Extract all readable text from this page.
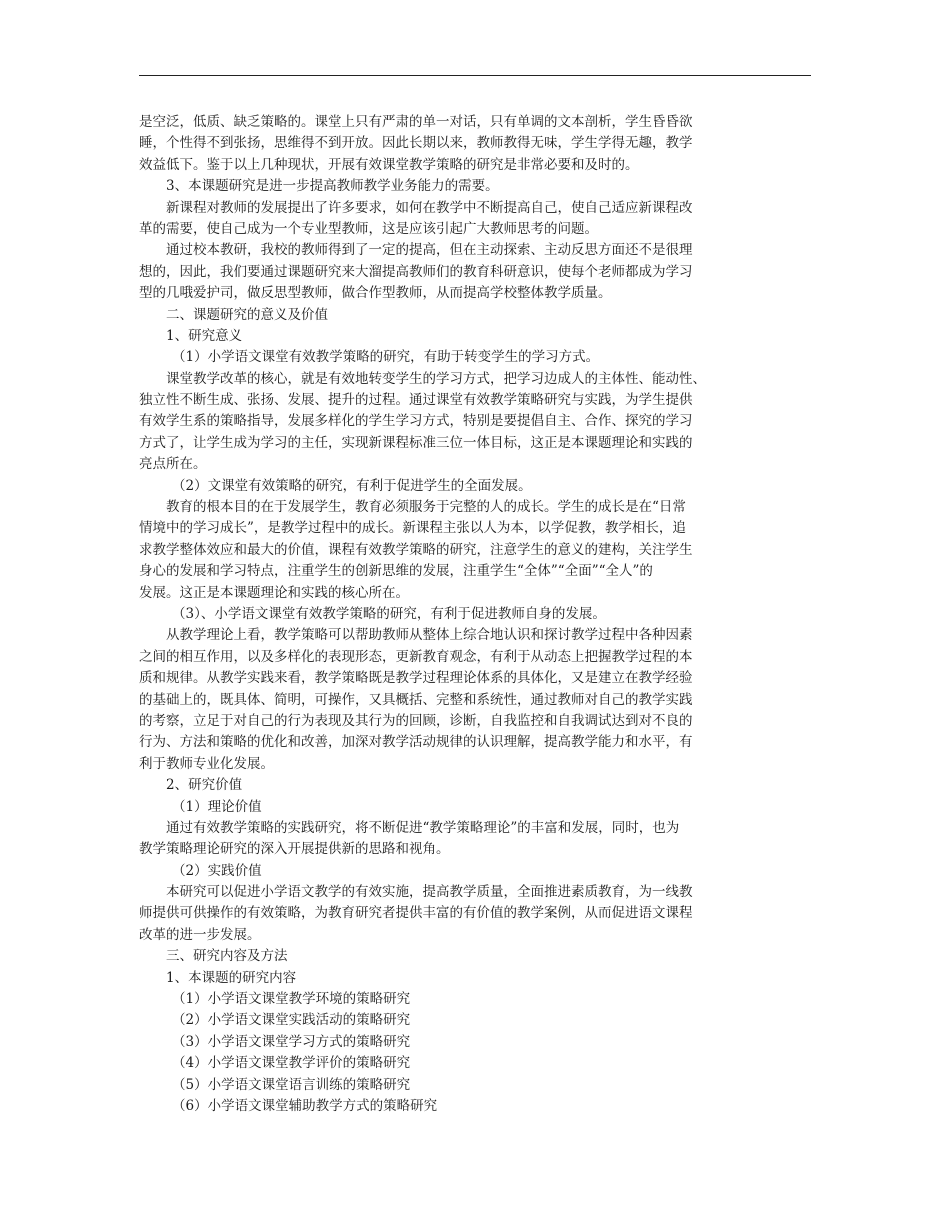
是空泛，低质、缺乏策略的。课堂上只有严肃的单一对话，只有单调的文本剖析，学生昏昏欲
睡，个性得不到张扬，思维得不到开放。因此长期以来，教师教得无味，学生学得无趣，教学
效益低下。鉴于以上几种现状，开展有效课堂教学策略的研究是非常必要和及时的。
3、本课题研究是进一步提高教师教学业务能力的需要。
新课程对教师的发展提出了许多要求，如何在教学中不断提高自己，使自己适应新课程改
革的需要，使自己成为一个专业型教师，这是应该引起广大教师思考的问题。
通过校本教研，我校的教师得到了一定的提高，但在主动探索、主动反思方面还不是很理
想的，因此，我们要通过课题研究来大溜提高教师们的教育科研意识，使每个老师都成为学习
型的几哦爱护司，做反思型教师，做合作型教师，从而提高学校整体教学质量。
二、课题研究的意义及价值
1、研究意义
（1）小学语文课堂有效教学策略的研究，有助于转变学生的学习方式。
课堂教学改革的核心，就是有效地转变学生的学习方式，把学习边成人的主体性、能动性、
独立性不断生成、张扬、发展、提升的过程。通过课堂有效教学策略研究与实践，为学生提供
有效学生系的策略指导，发展多样化的学生学习方式，特别是要提倡自主、合作、探究的学习
方式了，让学生成为学习的主任，实现新课程标准三位一体目标，这正是本课题理论和实践的
亮点所在。
（2）文课堂有效策略的研究，有利于促进学生的全面发展。
教育的根本目的在于发展学生，教育必须服务于完整的人的成长。学生的成长是在“日常
情境中的学习成长”，是教学过程中的成长。新课程主张以人为本，以学促教，教学相长，追
求教学整体效应和最大的价值，课程有效教学策略的研究，注意学生的意义的建构，关注学生
身心的发展和学习特点，注重学生的创新思维的发展，注重学生“全体”“全面”“全人”的
发展。这正是本课题理论和实践的核心所在。
（3）、小学语文课堂有效教学策略的研究，有利于促进教师自身的发展。
从教学理论上看，教学策略可以帮助教师从整体上综合地认识和探讨教学过程中各种因素
之间的相互作用，以及多样化的表现形态，更新教育观念，有利于从动态上把握教学过程的本
质和规律。从教学实践来看，教学策略既是教学过程理论体系的具体化，又是建立在教学经验
的基础上的，既具体、简明，可操作，又具概括、完整和系统性，通过教师对自己的教学实践
的考察，立足于对自己的行为表现及其行为的回顾，诊断，自我监控和自我调试达到对不良的
行为、方法和策略的优化和改善，加深对教学活动规律的认识理解，提高教学能力和水平，有
利于教师专业化发展。
2、研究价值
（1）理论价值
通过有效教学策略的实践研究，将不断促进“教学策略理论”的丰富和发展，同时，也为
教学策略理论研究的深入开展提供新的思路和视角。
（2）实践价值
本研究可以促进小学语文教学的有效实施，提高教学质量，全面推进素质教育，为一线教
师提供可供操作的有效策略，为教育研究者提供丰富的有价值的教学案例，从而促进语文课程
改革的进一步发展。
三、研究内容及方法
1、本课题的研究内容
（1）小学语文课堂教学环境的策略研究
（2）小学语文课堂实践活动的策略研究
（3）小学语文课堂学习方式的策略研究
（4）小学语文课堂教学评价的策略研究
（5）小学语文课堂语言训练的策略研究
（6）小学语文课堂辅助教学方式的策略研究
